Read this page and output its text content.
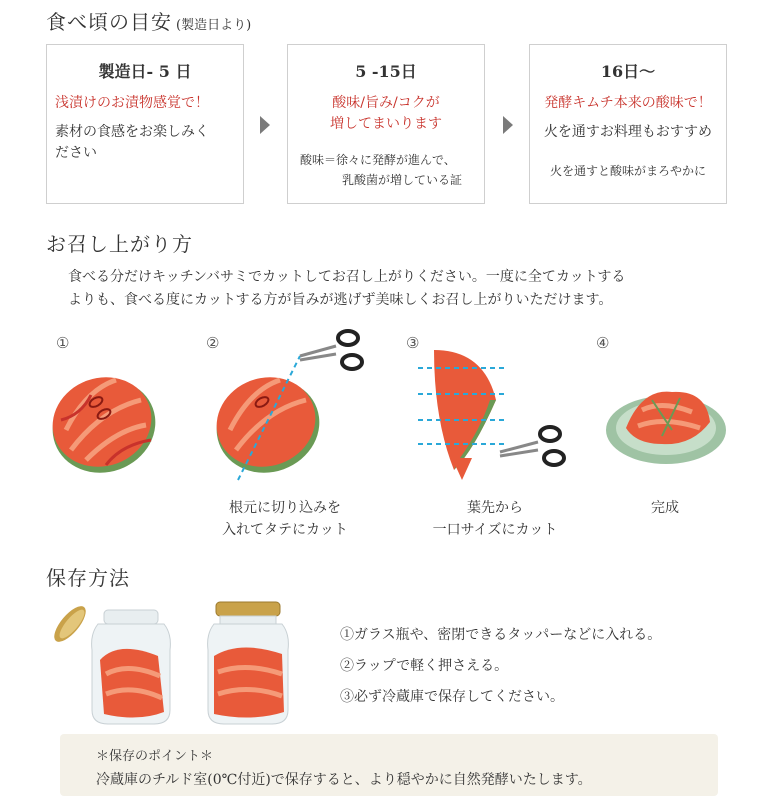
食べ頃の目安 (製造日より)
製造日- 5 日
浅漬けのお漬物感覚で！
素材の食感をお楽しみく
ださい
5 -15日
酸味/旨み/コクが
増してまいります
酸味＝徐々に発酵が進んで、
乳酸菌が増している証
16日～
発酵キムチ本来の酸味で！
火を通すお料理もおすすめ
火を通すと酸味がまろやかに
お召し上がり方
食べる分だけキッチンバサミでカットしてお召し上がりください。一度に全てカットする
よりも、食べる度にカットする方が旨みが逃げず美味しくお召し上がりいただけます。
①	②	③	④
根元に切り込みを
入れてタテにカット
葉先から
一口サイズにカット
完成
保存方法
①ガラス瓶や、密閉できるタッパーなどに入れる。
②ラップで軽く押さえる。
③必ず冷蔵庫で保存してください。
＊保存のポイント＊
冷蔵庫のチルド室(0℃付近)で保存すると、より穏やかに自然発酵いたします。
